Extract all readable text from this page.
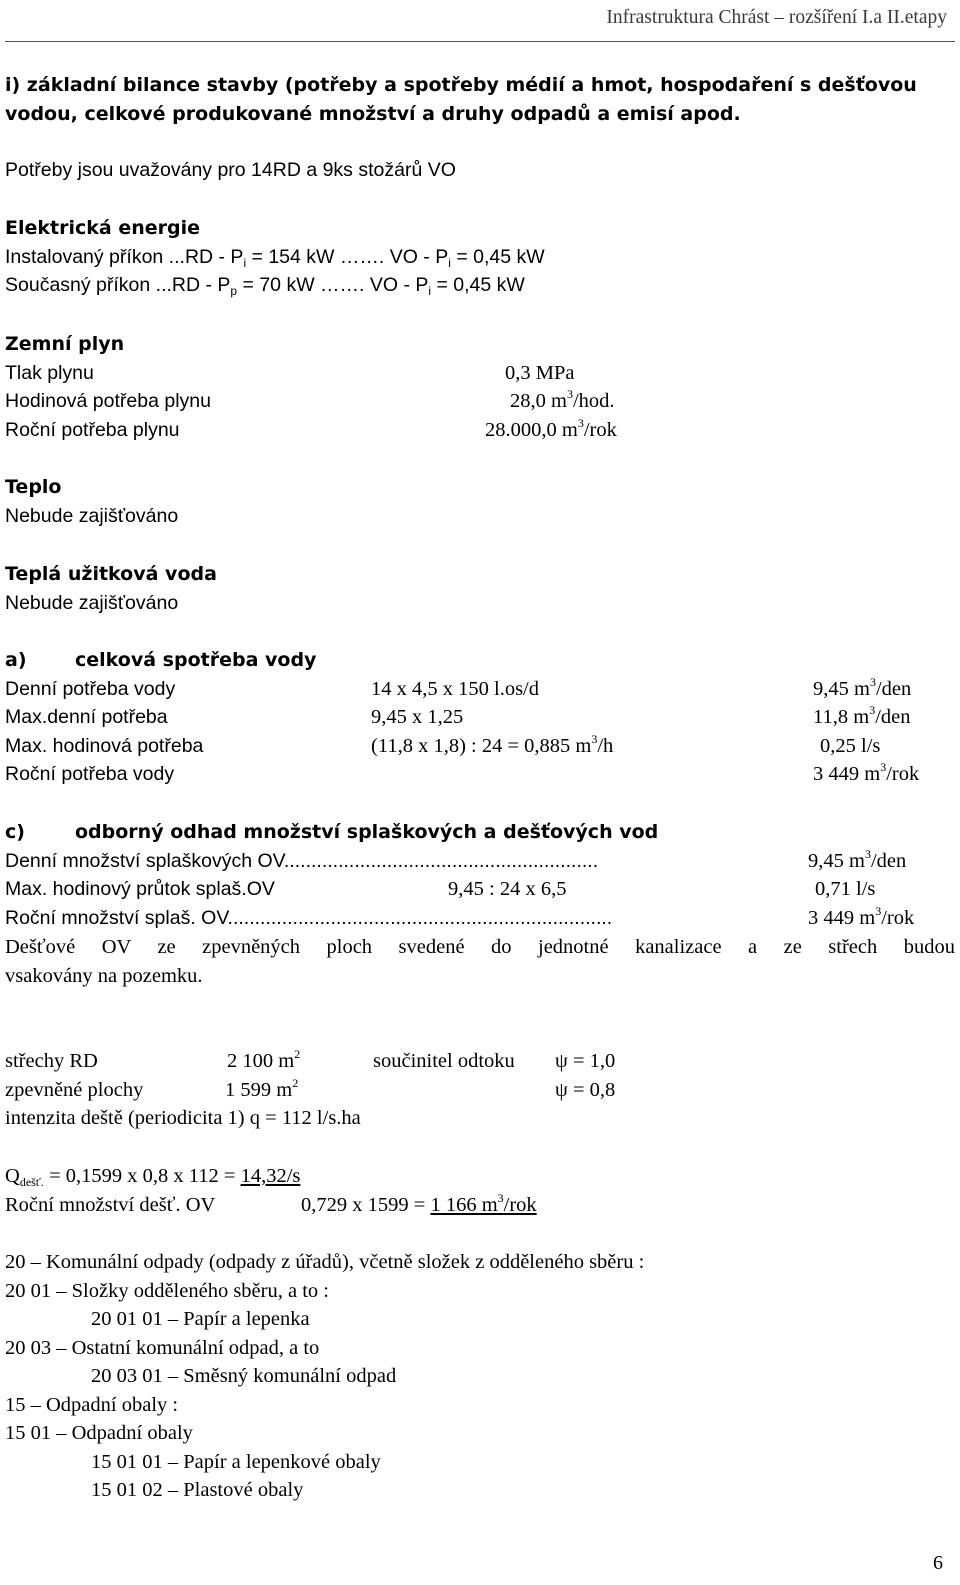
Infrastruktura Chrást – rozšíření I.a II.etapy
i) základní bilance stavby (potřeby a spotřeby médií a hmot, hospodaření s dešťovou
vodou, celkové produkované množství a druhy odpadů a emisí apod.
Potřeby jsou uvažovány pro 14RD a 9ks stožárů VO
Elektrická energie
Instalovaný příkon $...RD - P_i = 154$ kW ……. VO - $P_i = 0,45$ kW
Současný příkon $...RD - P_p = 70$ kW ……. VO - $P_i = 0,45$ kW
Zemní plyn
Tlak plynu	0,3 MPa
Hodinová potřeba plynu	28,0 $m^3$/hod.
Roční potřeba plynu	28.000,0 $m^3$/rok
Teplo
Nebude zajišťováno
Teplá užitková voda
Nebude zajišťováno
a)	celková spotřeba vody
Denní potřeba vody	14 x 4,5 x 150 l.os/d	9,45 $m^3$/den
Max.denní potřeba	9,45 x 1,25	11,8 $m^3$/den
Max. hodinová potřeba	(11,8 x 1,8) : 24 = 0,885 $m^3/h$	0,25 l/s
Roční potřeba vody	3 449 $m^3$/rok
c)	odborný odhad množství splaškových a dešťových vod
Denní množství splaškových OV..........................................................	9,45 $m^3$/den
Max. hodinový průtok splaš.OV	9,45 : 24 x 6,5	0,71 l/s
Roční množství splaš. OV.......................................................................	3 449 $m^3$/rok
Dešťové OV ze zpevněných ploch svedené do jednotné kanalizace a ze střech budou
vsakovány na pozemku.
střechy RD	2 100 $m^2$	součinitel odtoku ψ = 1,0
zpevněné plochy	1 599 $m^2$	ψ = 0,8
intenzita deště (periodicita 1) q = 112 l/s.ha
$Q_{dešť.} = 0,1599$ x 0,8 x 112 = 14,32/s
Roční množství dešť. OV	0,729 x 1599 = 1 166 $m^3$/rok
20 – Komunální odpady (odpady z úřadů), včetně složek z odděleného sběru :
20 01 – Složky odděleného sběru, a to :
20 01 01 – Papír a lepenka
20 03 – Ostatní komunální odpad, a to
20 03 01 – Směsný komunální odpad
15 – Odpadní obaly :
15 01 – Odpadní obaly
15 01 01 – Papír a lepenkové obaly
15 01 02 – Plastové obaly
6
